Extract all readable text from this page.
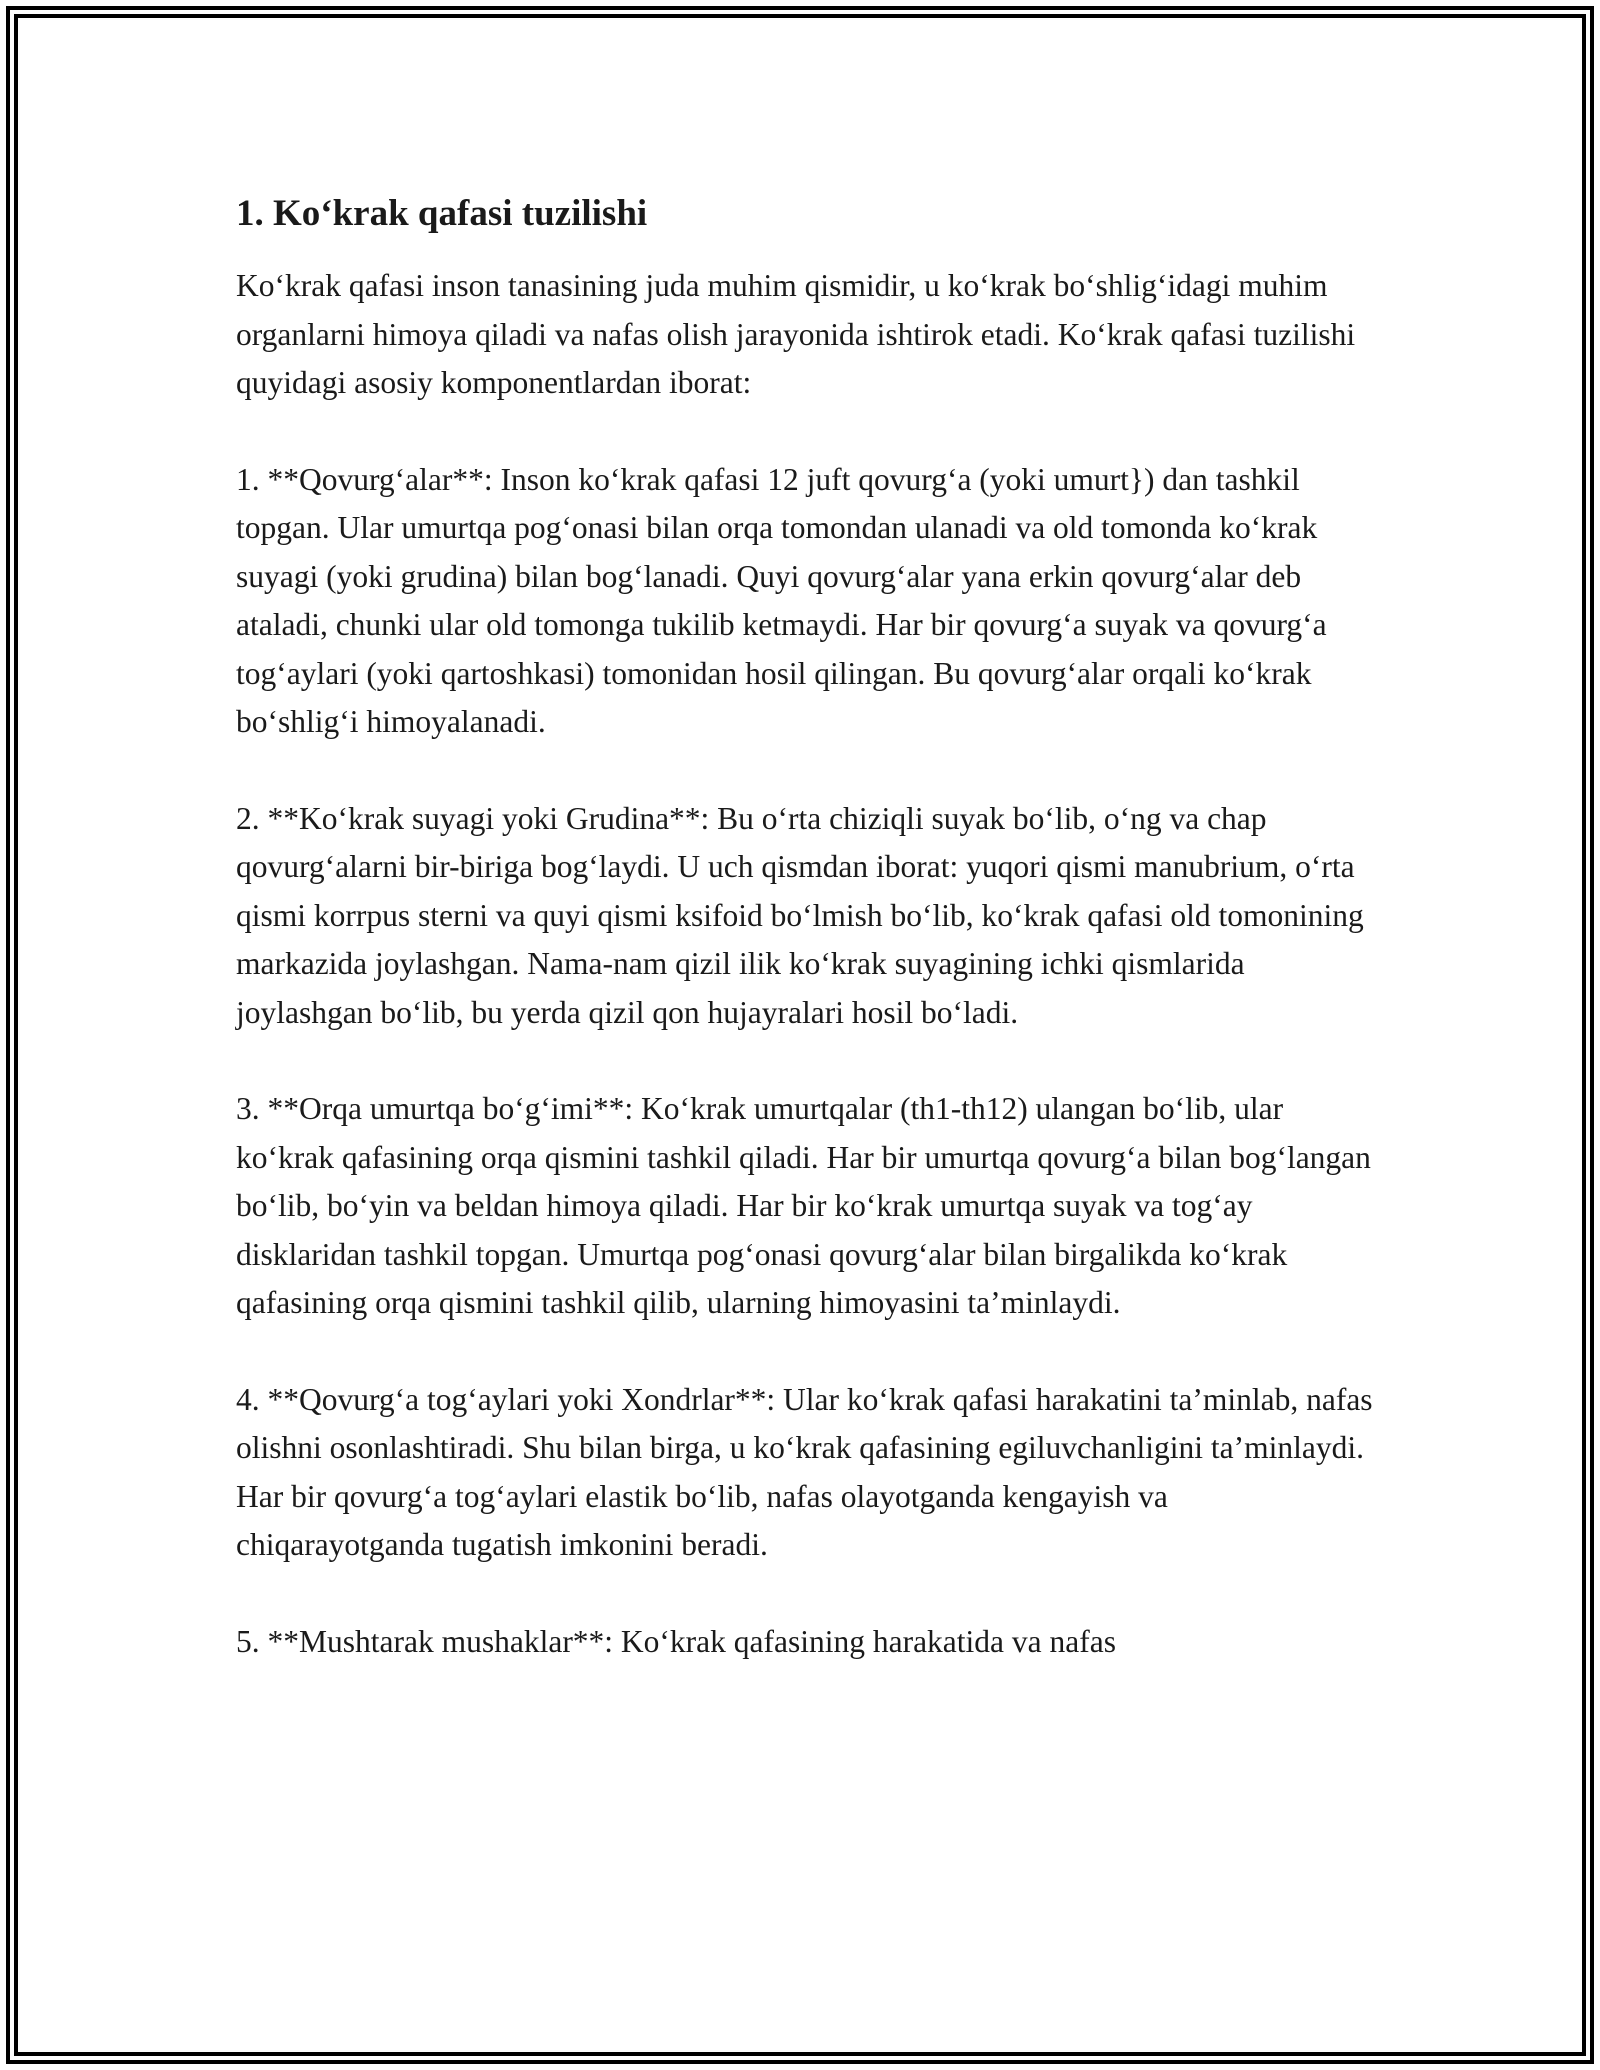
1. Ko‘krak qafasi tuzilishi

Ko‘krak qafasi inson tanasining juda muhim qismidir, u ko‘krak bo‘shlig‘idagi muhim organlarni himoya qiladi va nafas olish jarayonida ishtirok etadi. Ko‘krak qafasi tuzilishi quyidagi asosiy komponentlardan iborat:

1. **Qovurg‘alar**: Inson ko‘krak qafasi 12 juft qovurg‘a (yoki umurt}) dan tashkil topgan. Ular umurtqa pog‘onasi bilan orqa tomondan ulanadi va old tomonda ko‘krak suyagi (yoki grudina) bilan bog‘lanadi. Quyi qovurg‘alar yana erkin qovurg‘alar deb ataladi, chunki ular old tomonga tukilib ketmaydi. Har bir qovurg‘a suyak va qovurg‘a tog‘aylari (yoki qartoshkasi) tomonidan hosil qilingan. Bu qovurg‘alar orqali ko‘krak bo‘shlig‘i himoyalanadi.

2. **Ko‘krak suyagi yoki Grudina**: Bu o‘rta chiziqli suyak bo‘lib, o‘ng va chap qovurg‘alarni bir-biriga bog‘laydi. U uch qismdan iborat: yuqori qismi manubrium, o‘rta qismi korrpus sterni va quyi qismi ksifoid bo‘lmish bo‘lib, ko‘krak qafasi old tomonining markazida joylashgan. Nama-nam qizil ilik ko‘krak suyagining ichki qismlarida joylashgan bo‘lib, bu yerda qizil qon hujayralari hosil bo‘ladi.

3. **Orqa umurtqa bo‘g‘imi**: Ko‘krak umurtqalar (th1-th12) ulangan bo‘lib, ular ko‘krak qafasining orqa qismini tashkil qiladi. Har bir umurtqa qovurg‘a bilan bog‘langan bo‘lib, bo‘yin va beldan himoya qiladi. Har bir ko‘krak umurtqa suyak va tog‘ay disklaridan tashkil topgan. Umurtqa pog‘onasi qovurg‘alar bilan birgalikda ko‘krak qafasining orqa qismini tashkil qilib, ularning himoyasini ta’minlaydi.

4. **Qovurg‘a tog‘aylari yoki Xondrlar**: Ular ko‘krak qafasi harakatini ta’minlab, nafas olishni osonlashtiradi. Shu bilan birga, u ko‘krak qafasining egiluvchanligini ta’minlaydi. Har bir qovurg‘a tog‘aylari elastik bo‘lib, nafas olayotganda kengayish va chiqarayotganda tugatish imkonini beradi.

5. **Mushtarak mushaklar**: Ko‘krak qafasining harakatida va nafas
